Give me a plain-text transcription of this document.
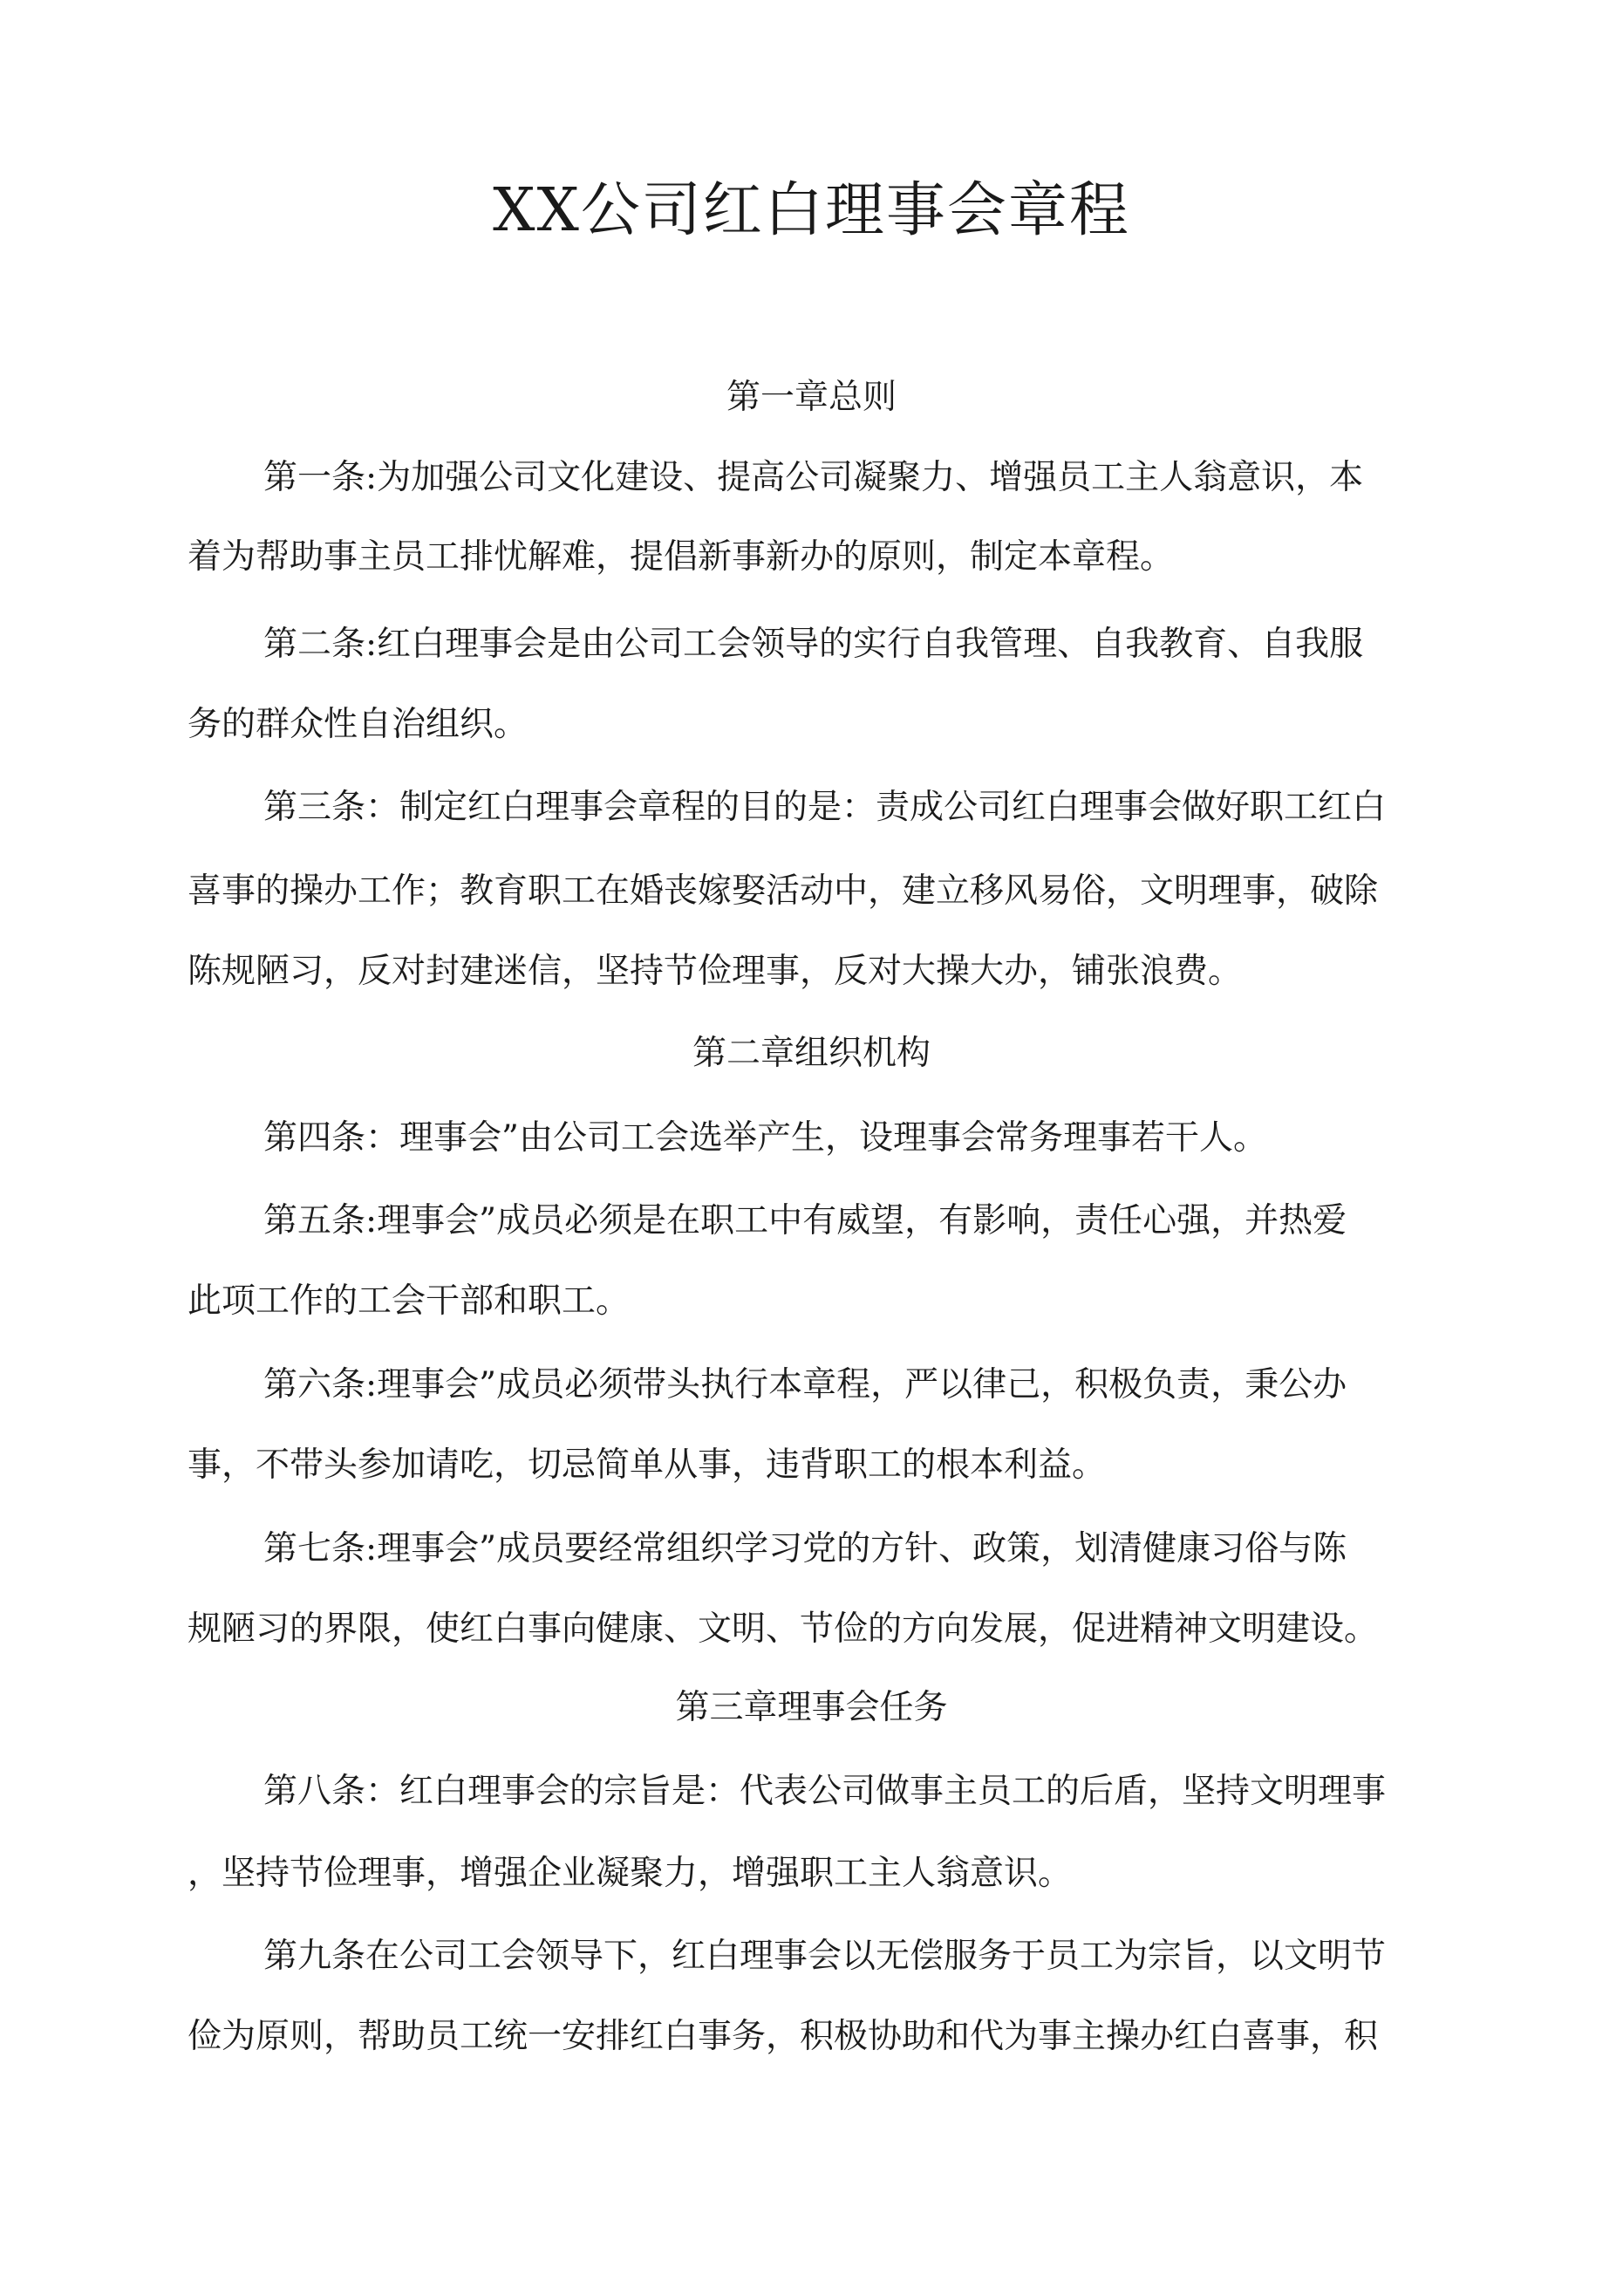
XX公司红白理事会章程
第一章总则

第一条:为加强公司文化建设、提高公司凝聚力、增强员工主人翁意识，本

着为帮助事主员工排忧解难，提倡新事新办的原则，制定本章程。

第二条:红白理事会是由公司工会领导的实行自我管理、自我教育、自我服

务的群众性自治组织。

第三条：制定红白理事会章程的目的是：责成公司红白理事会做好职工红白

喜事的操办工作；教育职工在婚丧嫁娶活动中，建立移风易俗，文明理事，破除

陈规陋习，反对封建迷信，坚持节俭理事，反对大操大办，铺张浪费。

第二章组织机构

第四条：理事会”由公司工会选举产生，设理事会常务理事若干人。

第五条:理事会”成员必须是在职工中有威望，有影响，责任心强，并热爱

此项工作的工会干部和职工。

第六条:理事会”成员必须带头执行本章程，严以律己，积极负责，秉公办

事，不带头参加请吃，切忌简单从事，违背职工的根本利益。

第七条:理事会”成员要经常组织学习党的方针、政策，划清健康习俗与陈

规陋习的界限，使红白事向健康、文明、节俭的方向发展，促进精神文明建设。

第三章理事会任务

第八条：红白理事会的宗旨是：代表公司做事主员工的后盾，坚持文明理事

，坚持节俭理事，增强企业凝聚力，增强职工主人翁意识。

第九条在公司工会领导下，红白理事会以无偿服务于员工为宗旨，以文明节

俭为原则，帮助员工统一安排红白事务，积极协助和代为事主操办红白喜事，积
